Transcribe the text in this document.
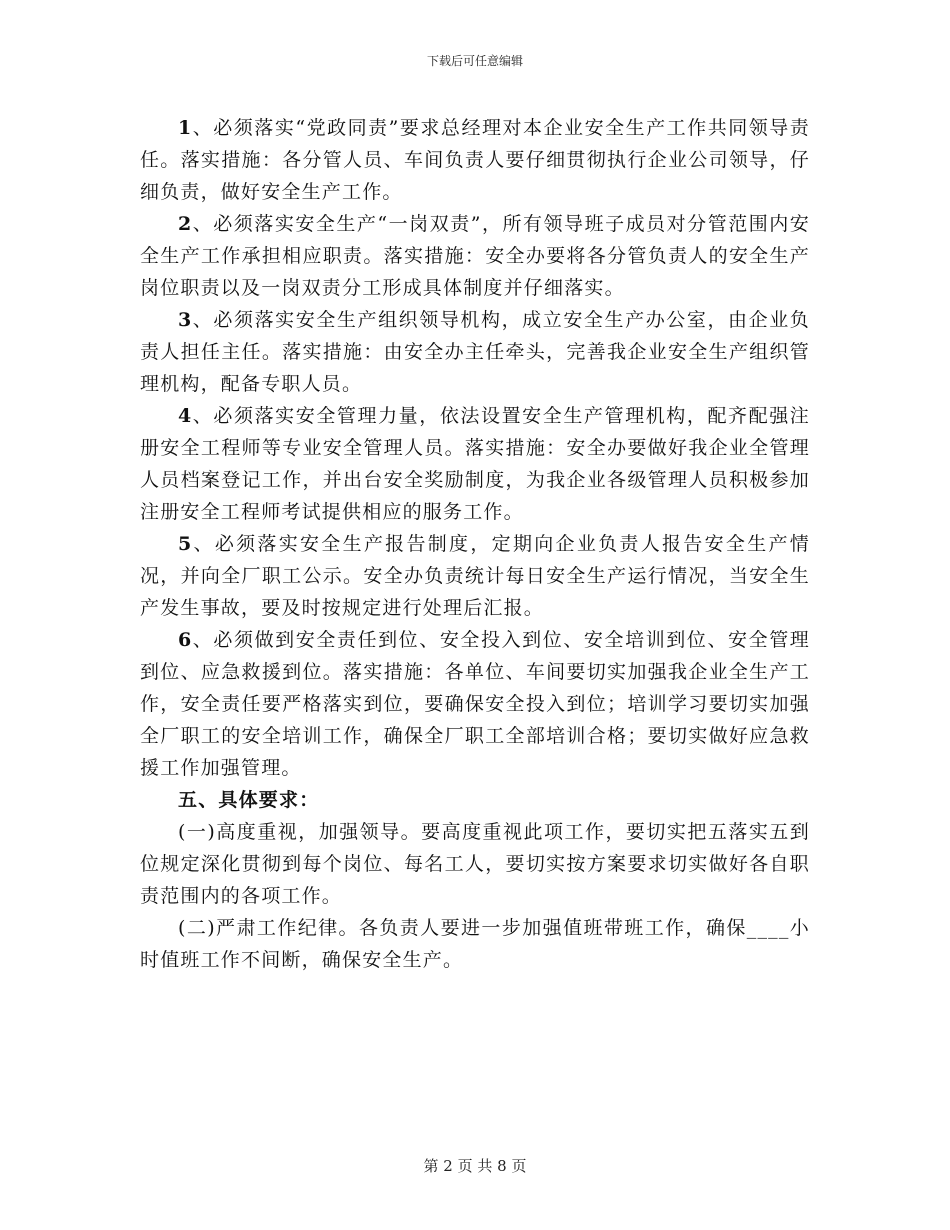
下载后可任意编辑

1、必须落实“党政同责”要求总经理对本企业安全生产工作共同领导责任。落实措施：各分管人员、车间负责人要仔细贯彻执行企业公司领导，仔细负责，做好安全生产工作。

2、必须落实安全生产“一岗双责”，所有领导班子成员对分管范围内安全生产工作承担相应职责。落实措施：安全办要将各分管负责人的安全生产岗位职责以及一岗双责分工形成具体制度并仔细落实。

3、必须落实安全生产组织领导机构，成立安全生产办公室，由企业负责人担任主任。落实措施：由安全办主任牵头，完善我企业安全生产组织管理机构，配备专职人员。

4、必须落实安全管理力量，依法设置安全生产管理机构，配齐配强注册安全工程师等专业安全管理人员。落实措施：安全办要做好我企业全管理人员档案登记工作，并出台安全奖励制度，为我企业各级管理人员积极参加注册安全工程师考试提供相应的服务工作。

5、必须落实安全生产报告制度，定期向企业负责人报告安全生产情况，并向全厂职工公示。安全办负责统计每日安全生产运行情况，当安全生产发生事故，要及时按规定进行处理后汇报。

6、必须做到安全责任到位、安全投入到位、安全培训到位、安全管理到位、应急救援到位。落实措施：各单位、车间要切实加强我企业全生产工作，安全责任要严格落实到位，要确保安全投入到位；培训学习要切实加强全厂职工的安全培训工作，确保全厂职工全部培训合格；要切实做好应急救援工作加强管理。

五、具体要求：

(一)高度重视，加强领导。要高度重视此项工作，要切实把五落实五到位规定深化贯彻到每个岗位、每名工人，要切实按方案要求切实做好各自职责范围内的各项工作。

(二)严肃工作纪律。各负责人要进一步加强值班带班工作，确保____小时值班工作不间断，确保安全生产。

第 2 页 共 8 页
